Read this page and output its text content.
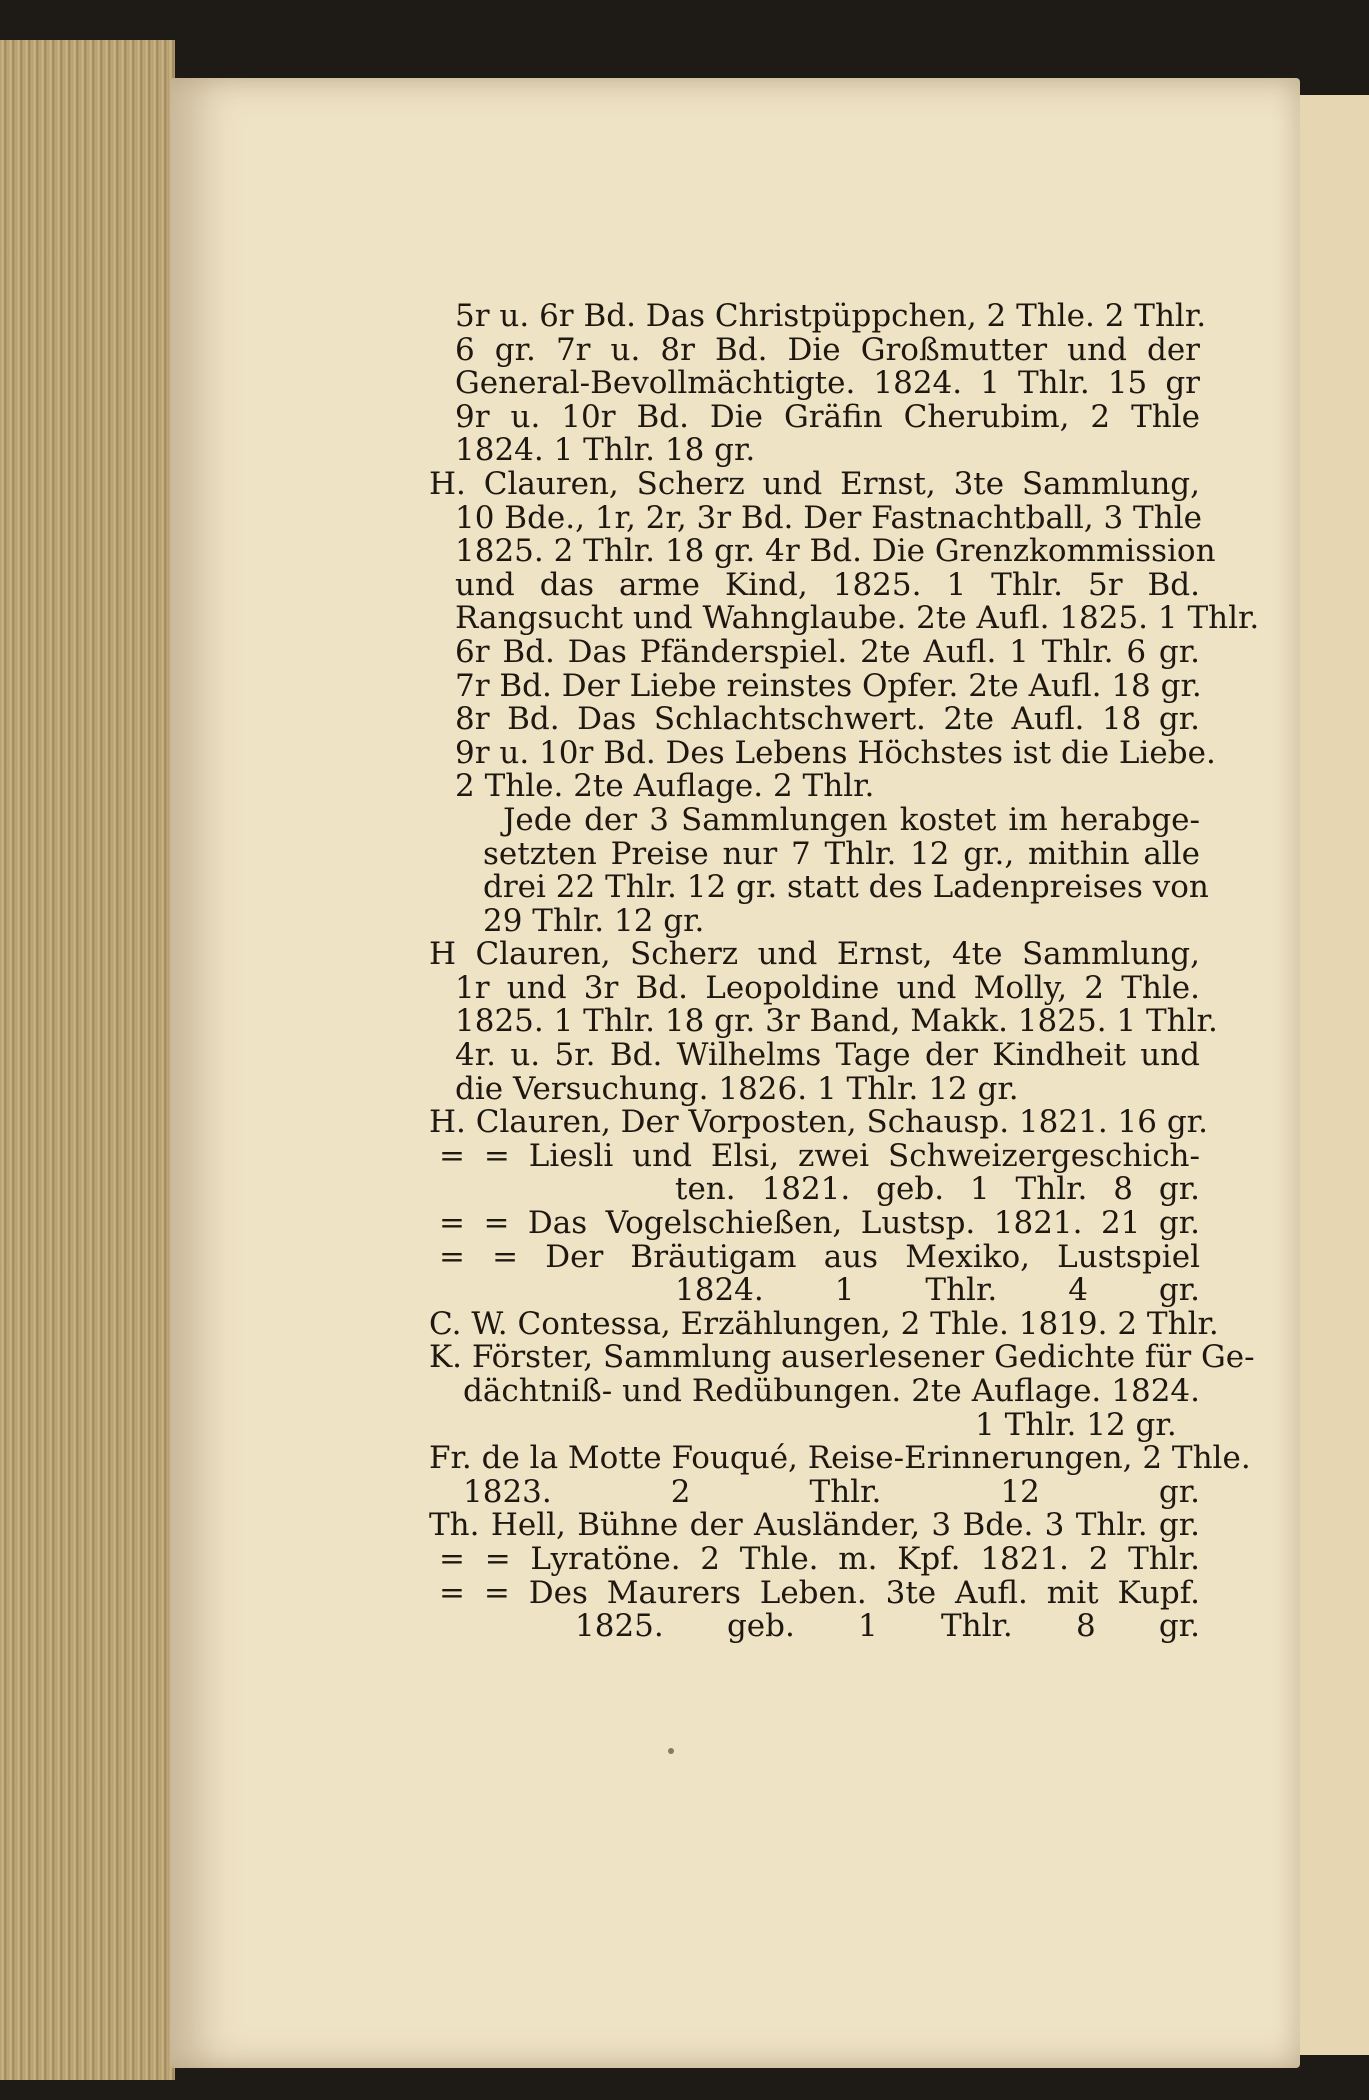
5r u. 6r Bd. Das Christpüppchen, 2 Thle. 2 Thlr.
6 gr. 7r u. 8r Bd. Die Großmutter und der
General-Bevollmächtigte. 1824. 1 Thlr. 15 gr
9r u. 10r Bd. Die Gräfin Cherubim, 2 Thle
1824. 1 Thlr. 18 gr.
H. Clauren, Scherz und Ernst, 3te Sammlung,
10 Bde., 1r, 2r, 3r Bd. Der Fastnachtball, 3 Thle
1825. 2 Thlr. 18 gr. 4r Bd. Die Grenzkommission
und das arme Kind, 1825. 1 Thlr. 5r Bd.
Rangsucht und Wahnglaube. 2te Aufl. 1825. 1 Thlr.
6r Bd. Das Pfänderspiel. 2te Aufl. 1 Thlr. 6 gr.
7r Bd. Der Liebe reinstes Opfer. 2te Aufl. 18 gr.
8r Bd. Das Schlachtschwert. 2te Aufl. 18 gr.
9r u. 10r Bd. Des Lebens Höchstes ist die Liebe.
2 Thle. 2te Auflage. 2 Thlr.
Jede der 3 Sammlungen kostet im herabge-
setzten Preise nur 7 Thlr. 12 gr., mithin alle
drei 22 Thlr. 12 gr. statt des Ladenpreises von
29 Thlr. 12 gr.
H Clauren, Scherz und Ernst, 4te Sammlung,
1r und 3r Bd. Leopoldine und Molly, 2 Thle.
1825. 1 Thlr. 18 gr. 3r Band, Makk. 1825. 1 Thlr.
4r. u. 5r. Bd. Wilhelms Tage der Kindheit und
die Versuchung. 1826. 1 Thlr. 12 gr.
H. Clauren, Der Vorposten, Schausp. 1821. 16 gr.
= = Liesli und Elsi, zwei Schweizergeschich-
ten. 1821. geb. 1 Thlr. 8 gr.
= = Das Vogelschießen, Lustsp. 1821. 21 gr.
= = Der Bräutigam aus Mexiko, Lustspiel
1824. 1 Thlr. 4 gr.
C. W. Contessa, Erzählungen, 2 Thle. 1819. 2 Thlr.
K. Förster, Sammlung auserlesener Gedichte für Ge-
dächtniß- und Redübungen. 2te Auflage. 1824.
1 Thlr. 12 gr.
Fr. de la Motte Fouqué, Reise-Erinnerungen, 2 Thle.
1823. 2 Thlr. 12 gr.
Th. Hell, Bühne der Ausländer, 3 Bde. 3 Thlr. gr.
= = Lyratöne. 2 Thle. m. Kpf. 1821. 2 Thlr.
= = Des Maurers Leben. 3te Aufl. mit Kupf.
1825. geb. 1 Thlr. 8 gr.
